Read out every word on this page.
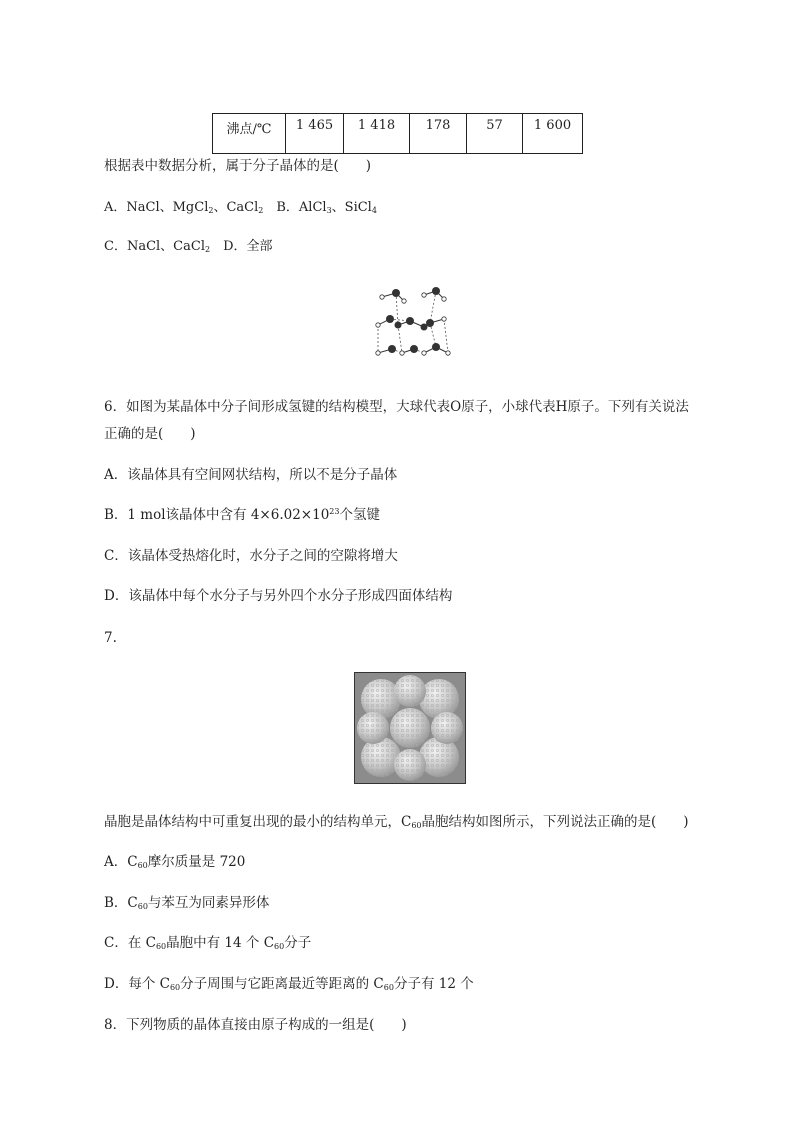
沸点/℃	1 465	1 418	178	57	1 600
根据表中数据分析，属于分子晶体的是(　　)
A．NaCl、MgCl$_2$、CaCl$_2$　B．AlCl$_3$、SiCl$_4$
C．NaCl、CaCl$_2$　D．全部
6．如图为某晶体中分子间形成氢键的结构模型，大球代表O原子，小球代表H原子。下列有关说法
正确的是(　　)
A．该晶体具有空间网状结构，所以不是分子晶体
B．1 mol该晶体中含有 $4\times 6.02\times 10^{23}$个氢键
C．该晶体受热熔化时，水分子之间的空隙将增大
D．该晶体中每个水分子与另外四个水分子形成四面体结构
7.
晶胞是晶体结构中可重复出现的最小的结构单元，$C_{60}$晶胞结构如图所示，下列说法正确的是(　　)
A．$C_{60}$摩尔质量是 720
B．$C_{60}$与苯互为同素异形体
C．在 $C_{60}$晶胞中有 14 个 $C_{60}$分子
D．每个 $C_{60}$分子周围与它距离最近等距离的 $C_{60}$分子有 12 个
8．下列物质的晶体直接由原子构成的一组是(　　)
